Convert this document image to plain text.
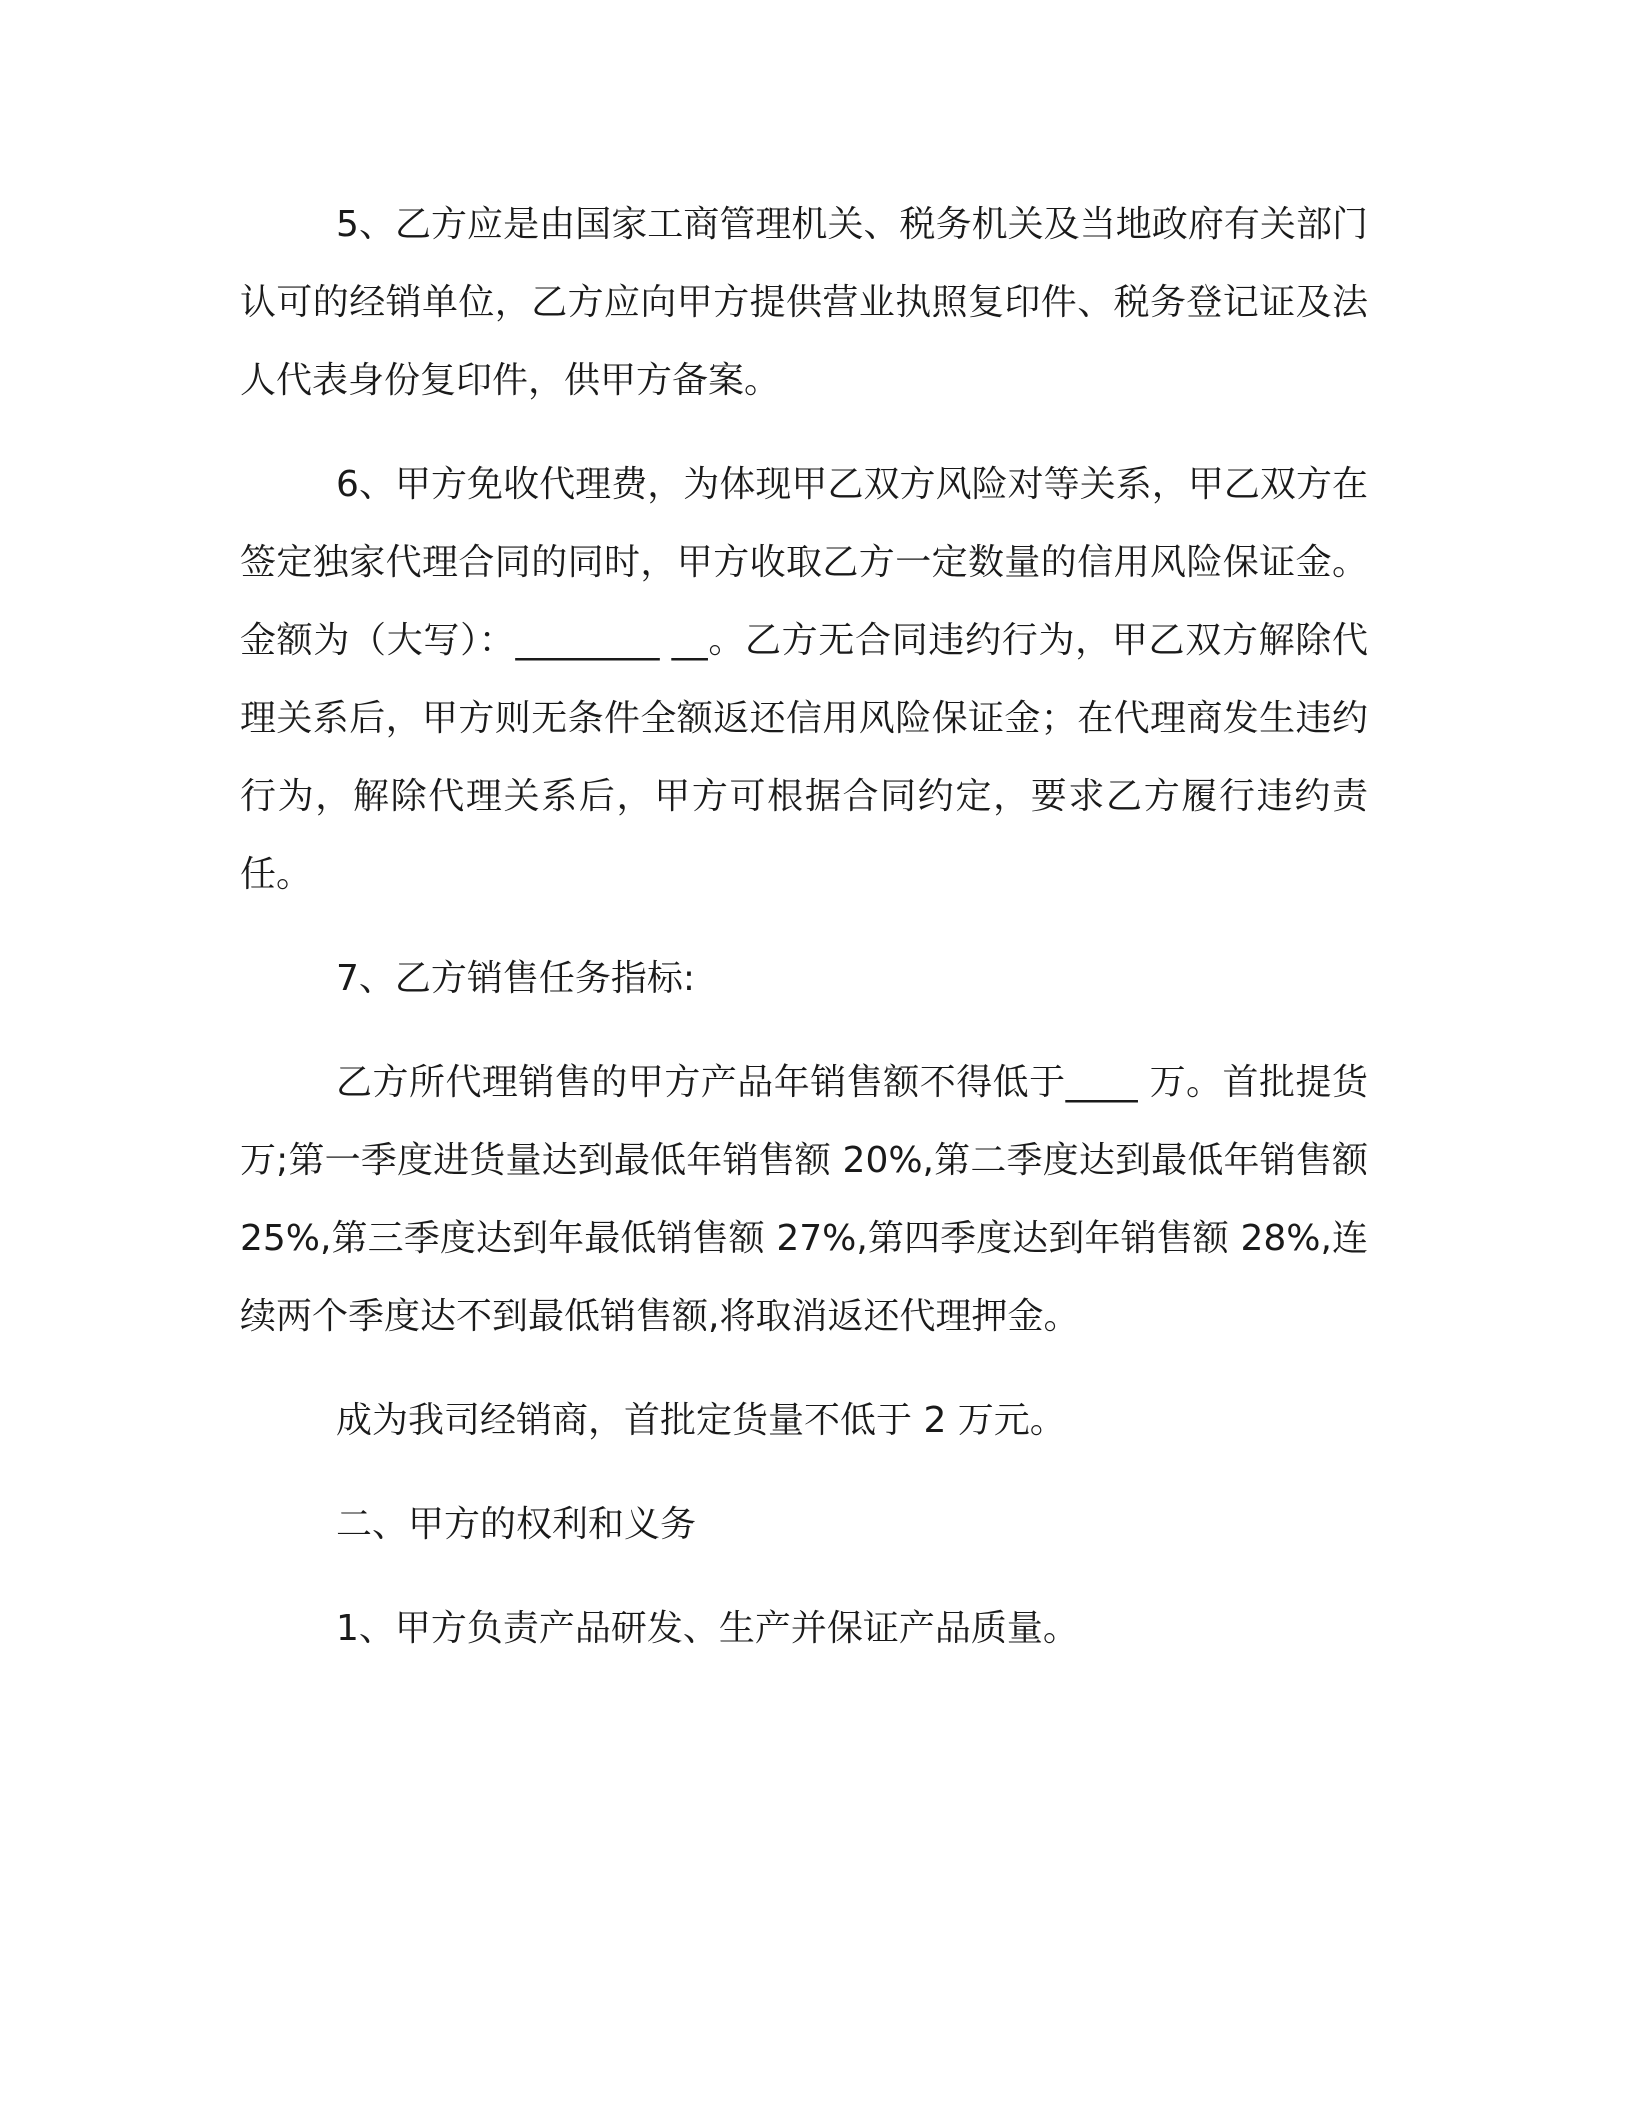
5、乙方应是由国家工商管理机关、税务机关及当地政府有关部门认可的经销单位，乙方应向甲方提供营业执照复印件、税务登记证及法人代表身份复印件，供甲方备案。

6、甲方免收代理费，为体现甲乙双方风险对等关系，甲乙双方在签定独家代理合同的同时，甲方收取乙方一定数量的信用风险保证金。金额为（大写）：________ __。乙方无合同违约行为，甲乙双方解除代理关系后，甲方则无条件全额返还信用风险保证金；在代理商发生违约行为，解除代理关系后，甲方可根据合同约定，要求乙方履行违约责任。

7、乙方销售任务指标:

乙方所代理销售的甲方产品年销售额不得低于____ 万。首批提货 万;第一季度进货量达到最低年销售额 20%,第二季度达到最低年销售额 25%,第三季度达到年最低销售额 27%,第四季度达到年销售额 28%,连续两个季度达不到最低销售额,将取消返还代理押金。

成为我司经销商，首批定货量不低于 2 万元。

二、甲方的权利和义务

1、甲方负责产品研发、生产并保证产品质量。
